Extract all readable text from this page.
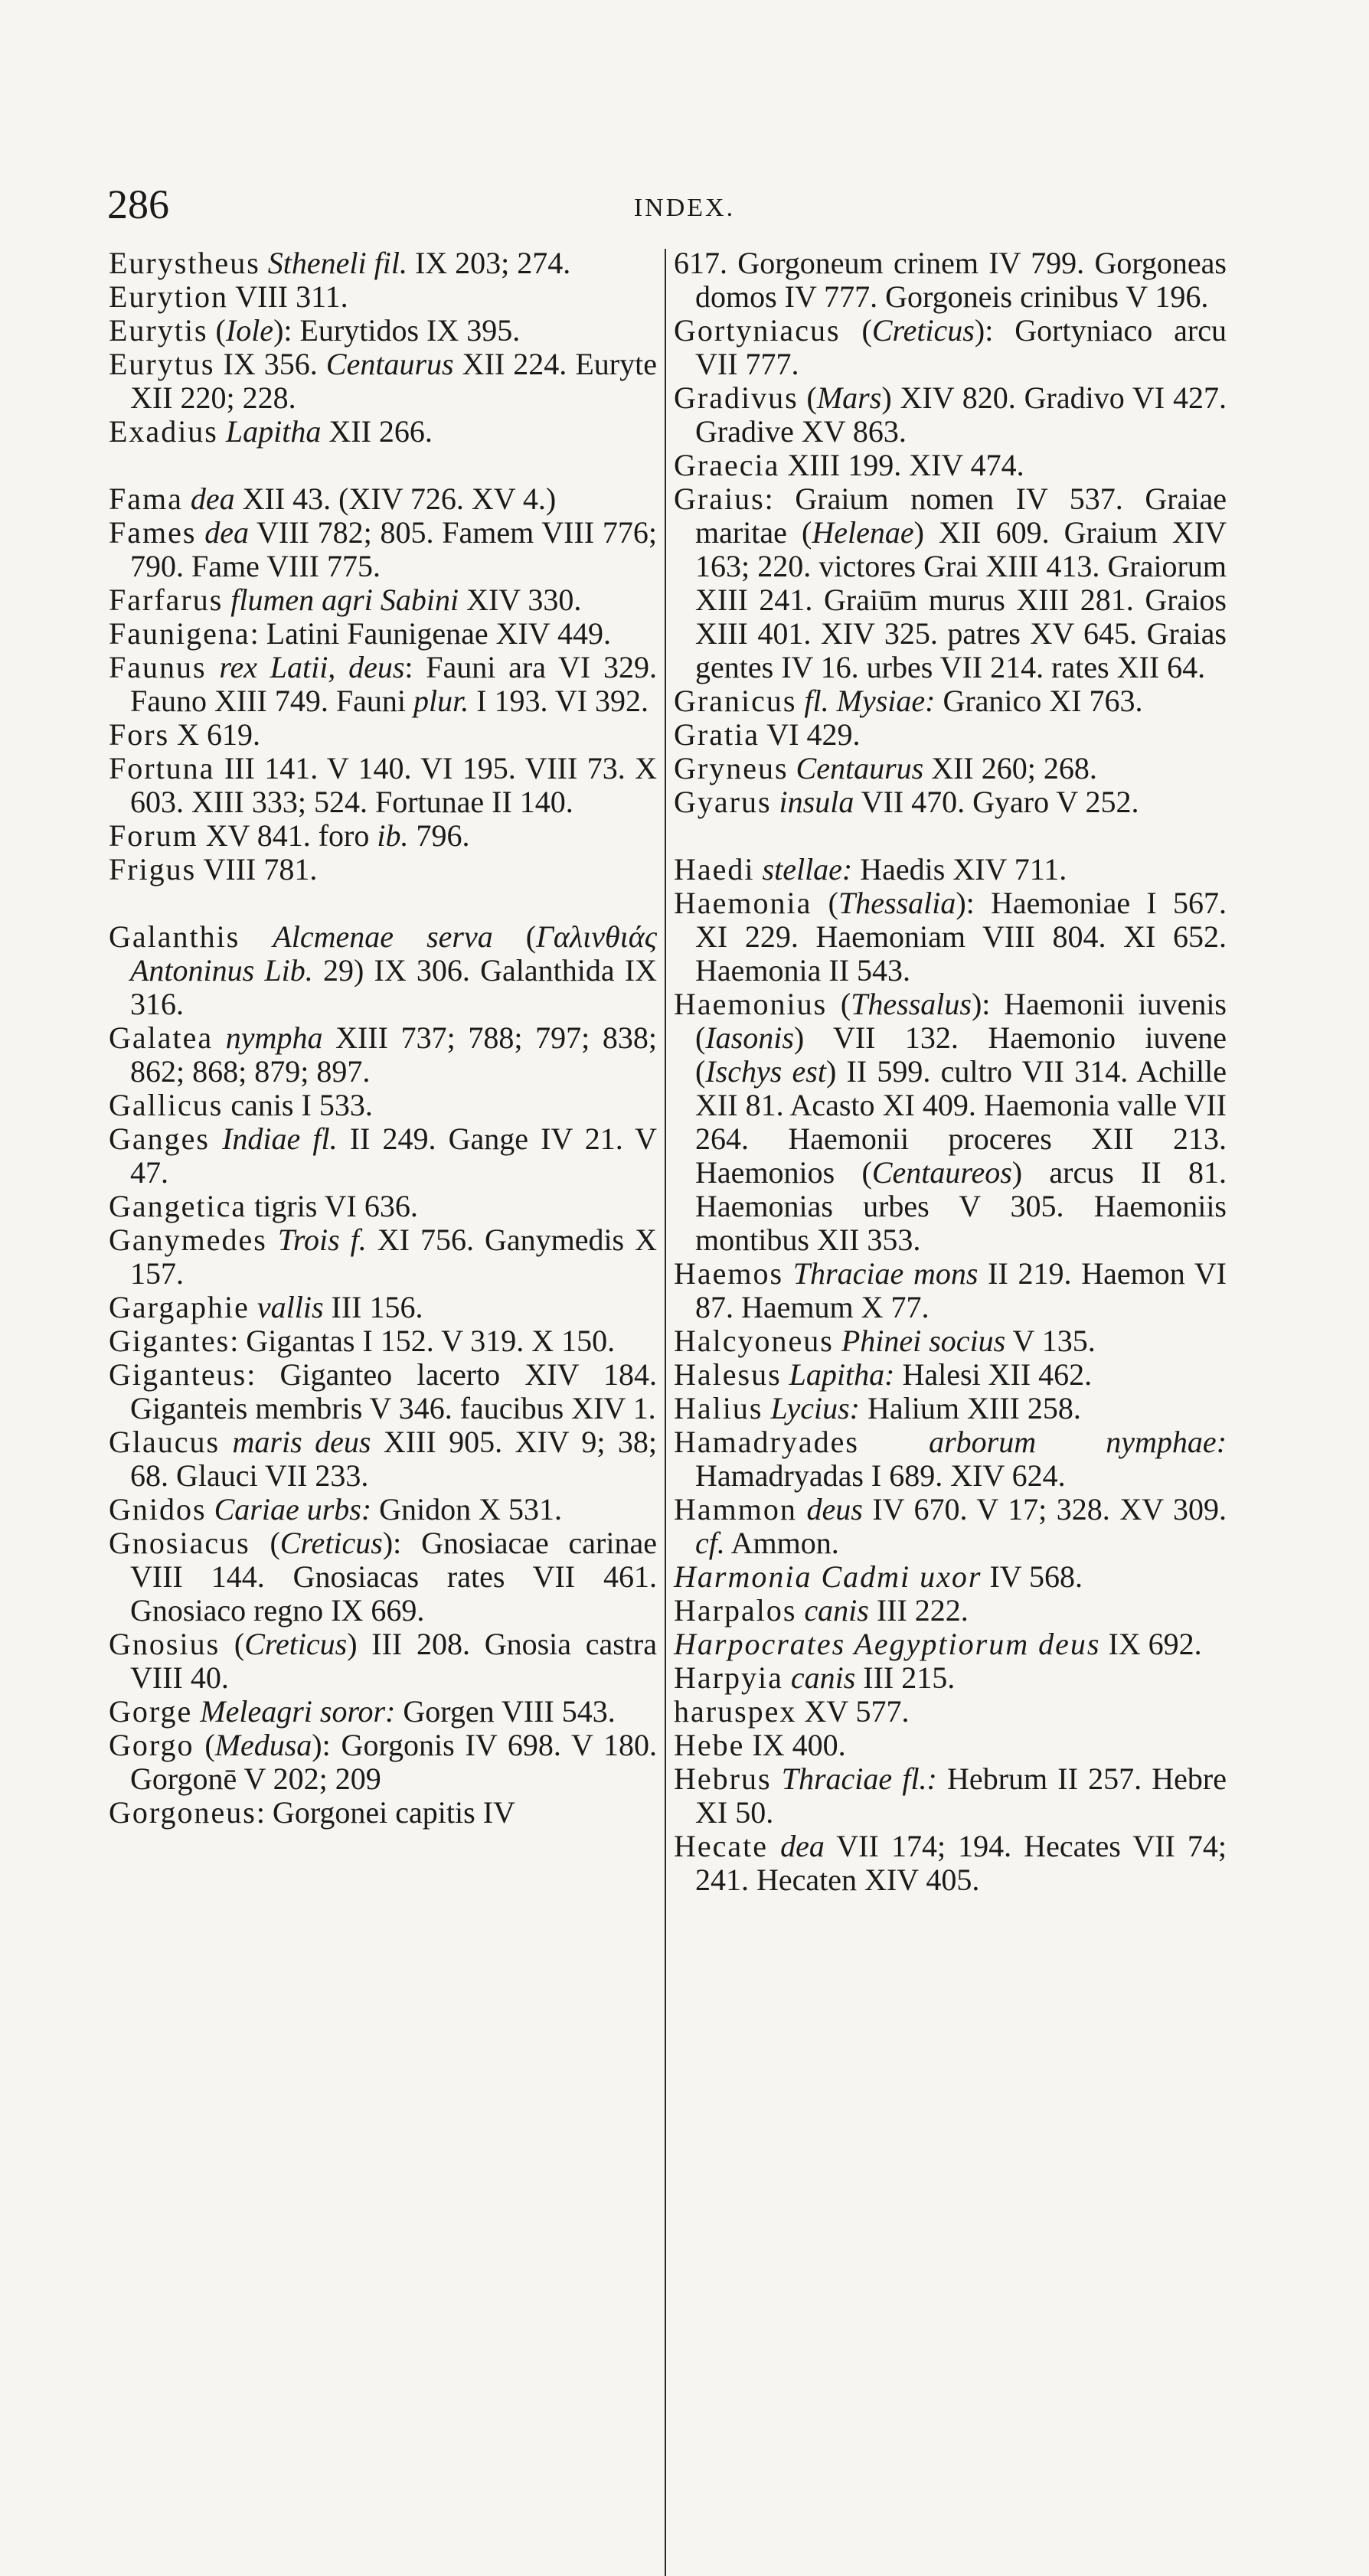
286	INDEX.
Eurystheus Stheneli fil. IX 203; 274.
Eurytion VIII 311.
Eurytis (Iole): Eurytidos IX 395.
Eurytus IX 356. Centaurus XII 224. Euryte XII 220; 228.
Exadius Lapitha XII 266.
Fama dea XII 43. (XIV 726. XV 4.)
Fames dea VIII 782; 805. Famem VIII 776; 790. Fame VIII 775.
Farfarus flumen agri Sabini XIV 330.
Faunigena: Latini Faunigenae XIV 449.
Faunus rex Latii, deus: Fauni ara VI 329. Fauno XIII 749. Fauni plur. I 193. VI 392.
Fors X 619.
Fortuna III 141. V 140. VI 195. VIII 73. X 603. XIII 333; 524. Fortunae II 140.
Forum XV 841. foro ib. 796.
Frigus VIII 781.
Galanthis Alcmenae serva (Γαλινθιάς Antoninus Lib. 29) IX 306. Galanthida IX 316.
Galatea nympha XIII 737; 788; 797; 838; 862; 868; 879; 897.
Gallicus canis I 533.
Ganges Indiae fl. II 249. Gange IV 21. V 47.
Gangetica tigris VI 636.
Ganymedes Trois f. XI 756. Ganymedis X 157.
Gargaphie vallis III 156.
Gigantes: Gigantas I 152. V 319. X 150.
Giganteus: Giganteo lacerto XIV 184. Giganteis membris V 346. faucibus XIV 1.
Glaucus maris deus XIII 905. XIV 9; 38; 68. Glauci VII 233.
Gnidos Cariae urbs: Gnidon X 531.
Gnosiacus (Creticus): Gnosiacae carinae VIII 144. Gnosiacas rates VII 461. Gnosiaco regno IX 669.
Gnosius (Creticus) III 208. Gnosia castra VIII 40.
Gorge Meleagri soror: Gorgen VIII 543.
Gorgo (Medusa): Gorgonis IV 698. V 180. Gorgonē V 202; 209
Gorgoneus: Gorgonei capitis IV
617. Gorgoneum crinem IV 799. Gorgoneas domos IV 777. Gorgoneis crinibus V 196.
Gortyniacus (Creticus): Gortyniaco arcu VII 777.
Gradivus (Mars) XIV 820. Gradivo VI 427. Gradive XV 863.
Graecia XIII 199. XIV 474.
Graius: Graium nomen IV 537. Graiae maritae (Helenae) XII 609. Graium XIV 163; 220. victores Grai XIII 413. Graiorum XIII 241. Graiūm murus XIII 281. Graios XIII 401. XIV 325. patres XV 645. Graias gentes IV 16. urbes VII 214. rates XII 64.
Granicus fl. Mysiae: Granico XI 763.
Gratia VI 429.
Gryneus Centaurus XII 260; 268.
Gyarus insula VII 470. Gyaro V 252.
Haedi stellae: Haedis XIV 711.
Haemonia (Thessalia): Haemoniae I 567. XI 229. Haemoniam VIII 804. XI 652. Haemonia II 543.
Haemonius (Thessalus): Haemonii iuvenis (Iasonis) VII 132. Haemonio iuvene (Ischys est) II 599. cultro VII 314. Achille XII 81. Acasto XI 409. Haemonia valle VII 264. Haemonii proceres XII 213. Haemonios (Centaureos) arcus II 81. Haemonias urbes V 305. Haemoniis montibus XII 353.
Haemos Thraciae mons II 219. Haemon VI 87. Haemum X 77.
Halcyoneus Phinei socius V 135.
Halesus Lapitha: Halesi XII 462.
Halius Lycius: Halium XIII 258.
Hamadryades arborum nymphae: Hamadryadas I 689. XIV 624.
Hammon deus IV 670. V 17; 328. XV 309. cf. Ammon.
Harmonia Cadmi uxor IV 568.
Harpalos canis III 222.
Harpocrates Aegyptiorum deus IX 692.
Harpyia canis III 215.
haruspex XV 577.
Hebe IX 400.
Hebrus Thraciae fl.: Hebrum II 257. Hebre XI 50.
Hecate dea VII 174; 194. Hecates VII 74; 241. Hecaten XIV 405.
